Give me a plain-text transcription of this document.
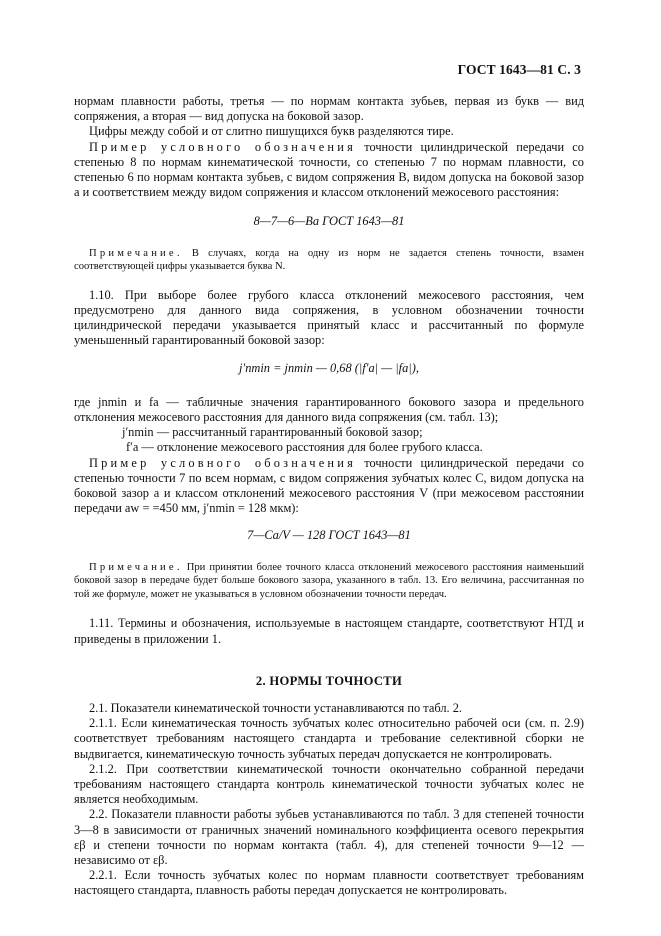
ГОСТ 1643—81 С. 3

нормам плавности работы, третья — по нормам контакта зубьев, первая из букв — вид сопряжения, а вторая — вид допуска на боковой зазор.

Цифры между собой и от слитно пишущихся букв разделяются тире.

Пример условного обозначения точности цилиндрической передачи со степенью 8 по нормам кинематической точности, со степенью 7 по нормам плавности, со степенью 6 по нормам контакта зубьев, с видом сопряжения B, видом допуска на боковой зазор a и соответствием между видом сопряжения и классом отклонений межосевого расстояния:

8—7—6—Ba ГОСТ 1643—81

Примечание. В случаях, когда на одну из норм не задается степень точности, взамен соответствующей цифры указывается буква N.

1.10. При выборе более грубого класса отклонений межосевого расстояния, чем предусмотрено для данного вида сопряжения, в условном обозначении точности цилиндрической передачи указывается принятый класс и рассчитанный по формуле уменьшенный гарантированный боковой зазор:

j′nmin = jnmin — 0,68 (|f′a| — |fa|),

где jnmin и fa — табличные значения гарантированного бокового зазора и предельного отклонения межосевого расстояния для данного вида сопряжения (см. табл. 13);

j′nmin — рассчитанный гарантированный боковой зазор;

f′a — отклонение межосевого расстояния для более грубого класса.

Пример условного обозначения точности цилиндрической передачи со степенью точности 7 по всем нормам, с видом сопряжения зубчатых колес C, видом допуска на боковой зазор a и классом отклонений межосевого расстояния V (при межосевом расстоянии передачи aw = =450 мм, j′nmin = 128 мкм):

7—Ca/V — 128 ГОСТ 1643—81

Примечание. При принятии более точного класса отклонений межосевого расстояния наименьший боковой зазор в передаче будет больше бокового зазора, указанного в табл. 13. Его величина, рассчитанная по той же формуле, может не указываться в условном обозначении точности передач.

1.11. Термины и обозначения, используемые в настоящем стандарте, соответствуют НТД и приведены в приложении 1.

2. НОРМЫ ТОЧНОСТИ

2.1. Показатели кинематической точности устанавливаются по табл. 2.

2.1.1. Если кинематическая точность зубчатых колес относительно рабочей оси (см. п. 2.9) соответствует требованиям настоящего стандарта и требование селективной сборки не выдвигается, кинематическую точность зубчатых передач допускается не контролировать.

2.1.2. При соответствии кинематической точности окончательно собранной передачи требованиям настоящего стандарта контроль кинематической точности зубчатых колес не является необходимым.

2.2. Показатели плавности работы зубьев устанавливаются по табл. 3 для степеней точности 3—8 в зависимости от граничных значений номинального коэффициента осевого перекрытия εβ и степени точности по нормам контакта (табл. 4), для степеней точности 9—12 — независимо от εβ.

2.2.1. Если точность зубчатых колес по нормам плавности соответствует требованиям настоящего стандарта, плавность работы передач допускается не контролировать.
